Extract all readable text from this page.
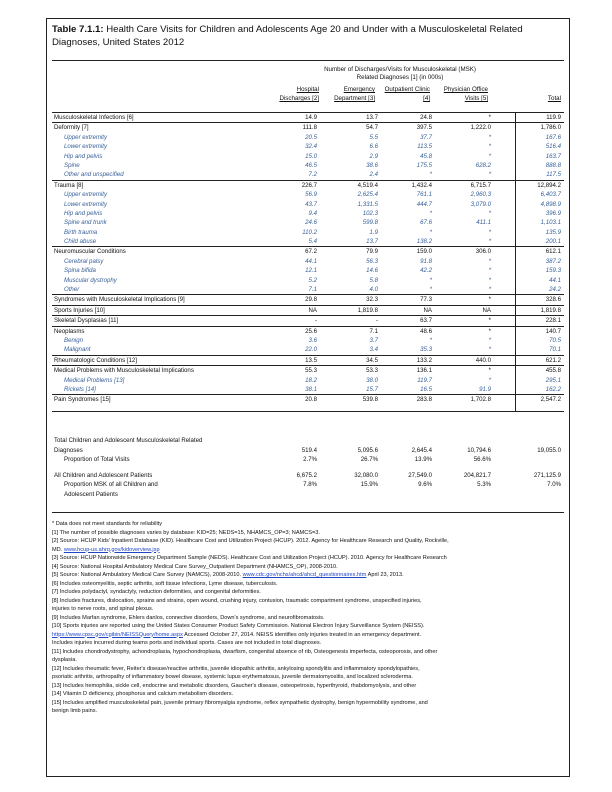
Table 7.1.1: Health Care Visits for Children and Adolescents Age 20 and Under with a Musculoskeletal Related Diagnoses, United States 2012
Number of Discharges/Visits for Musculoskeletal (MSK)
Related Diagnoses [1] (in 000s)
Hospital
Discharges [2]
Emergency
Department [3]
Outpatient Clinic
[4]
Physician Office
Visits [5]	Total
Musculoskeletal Infections [6]	14.9	13.7	24.8	*	119.9
Deformity [7]	111.8	54.7	397.5	1,222.0	1,786.0
Upper extremity	20.5	5.5	37.7	*	167.6
Lower extremity	32.4	6.6	113.5	*	516.4
Hip and pelvis	15.0	2.9	45.8	*	163.7
Spine	46.5	38.6	175.5	628.2	888.8
Other and unspecified	7.2	2.4	*	*	117.5
Trauma [8]	226.7	4,519.4	1,432.4	6,715.7	12,894.2
Upper extremity	56.9	2,625.4	761.1	2,960.3	6,403.7
Lower extremity	43.7	1,331.5	444.7	3,079.0	4,898.9
Hip and pelvis	9.4	102.3	*	*	396.9
Spine and trunk	24.6	599.8	67.6	411.1	1,103.1
Birth trauma	110.2	1.9	*	*	135.9
Child abuse	5.4	13.7	138.2	*	200.1
Neuromuscular Conditions	67.2	79.9	159.0	306.0	612.1
Cerebral palsy	44.1	56.3	91.8	*	387.2
Spina bifida	12.1	14.6	42.2	*	159.3
Muscular dystrophy	5.2	5.8	*	*	44.1
Other	7.1	4.0	*	*	24.2
Syndromes with Musculoskeletal Implications [9]	29.8	32.3	77.3	*	328.6
Sports Injuries [10]	NA	1,819.8	NA	NA	1,819.8
Skeletal Dysplasias [11]	-	-	63.7	*	228.1
Neoplasms	25.6	7.1	48.6	*	140.7
Benign	3.6	3.7	*	*	70.5
Malignant	22.0	3.4	35.3	*	70.1
Rheumatologic Conditions [12]	13.5	34.5	133.2	440.0	621.2
Medical Problems with Musculoskeletal Implications	55.3	53.3	136.1	*	455.8
Medical Problems [13]	18.2	38.0	119.7	*	295.1
Rickets [14]	38.1	15.7	16.5	91.9	162.2
Pain Syndromes [15]	20.8	539.8	283.8	1,702.8	2,547.2
Total Children and Adolescent Musculoskeletal Related
Diagnoses	519.4	5,095.6	2,645.4	10,794.6	19,055.0
Proportion of Total Visits	2.7%	26.7%	13.9%	56.6%
All Children and Adolescent Patients	6,675.2	32,080.0	27,549.0	204,821.7	271,125.9
Proportion MSK of all Children and	7.8%	15.9%	9.6%	5.3%	7.0%
Adolescent Patients

* Data does not meet standards for reliability

[1] The number of possible diagnoses varies by database: KID=25; NEDS=15, NHAMCS_OP=3; NAMCS=3.

[2] Source: HCUP Kids' Inpatient Database (KID). Healthcare Cost and Utilization Project (HCUP). 2012. Agency for Healthcare Research and Quality, Rockville,

MD. www.hcup-us.ahrq.gov/kidoverview.jsp

[3] Source: HCUP Nationwide Emergency Department Sample (NEDS). Healthcare Cost and Utilization Project (HCUP). 2010. Agency for Healthcare Research

[4] Source: National Hospital Ambulatory Medical Care Survey_Outpatient Department (NHAMCS_OP), 2008-2010.

[5] Source: National Ambulatory Medical Care Survey (NAMCS), 2008-2010. www.cdc.gov/nchs/ahcd/ahcd_questionnaires.htm April 23, 2013.

[6] Includes osteomyelitis, septic arthritis, soft tissue infections, Lyme disease, tuberculosis.

[7] Includes polydactyl, syndactyly, reduction deformities, and congenital deformities.

[8] Includes fractures, dislocation, sprains and strains, open wound, crushing injury, contusion, traumatic compartment syndrome, unspecified injuries,

injuries to nerve roots, and spinal plexus.

[9] Includes Marfan syndrome, Ehlers danlos, connective disorders, Down's syndrome, and neurofibromatosis.

[10] Sports injuries are reported using the United States Consumer Product Safety Commission. National Electron Injury Surveillance System (NEISS).

https://www.cpsc.gov/cgibin/NEISSQuery/home.aspx Accessed October 27, 2014. NEISS identifies only injuries treated in an emergency department.

Includes injuries incurred during teams ports and individual sports. Cases are not included in total diagnoses.

[11] Includes chondrodystrophy, achondroplasia, hypochondroplasia, dwarfism, congenital absence of rib, Osteogenesis imperfecta, osteoporosis, and other

dysplasia.

[12] Includes rheumatic fever, Reiter's disease/reactive arthritis, juvenile idiopathic arthritis, ankylosing spondylitis and inflammatory spondylopathies,

psoriatic arthritis, arthropathy of inflammatory bowel disease, systemic lupus erythematosus, juvenile dermatomyositis, and localized scleroderma.

[13] Includes hemophilia, sickle cell, endocrine and metabolic disorders, Gaucher's disease, osteopetrosis, hyperthyroid, rhabdomyolysis, and other

[14] Vitamin D deficiency, phosphorus and calcium metabolism disorders.

[15] Includes amplified musculoskeletal pain, juvenile primary fibromyalgia syndrome, reflex sympathetic dystrophy, benign hypermobility syndrome, and

benign limb pains.
